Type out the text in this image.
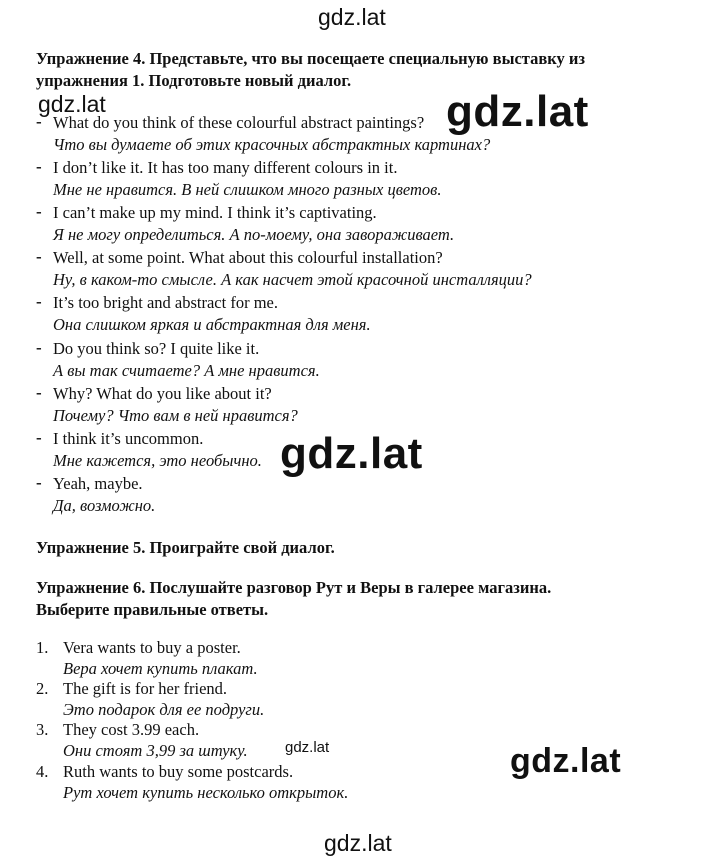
gdz.lat
gdz.lat
gdz.lat
gdz.lat
Упражнение 4. Представьте, что вы посещаете специальную выставку из
упражнения 1. Подготовьте новый диалог.
- What do you think of these colourful abstract paintings?
Что вы думаете об этих красочных абстрактных картинах?
- I don’t like it. It has too many different colours in it.
Мне не нравится. В ней слишком много разных цветов.
- I can’t make up my mind. I think it’s captivating.
Я не могу определиться. А по-моему, она завораживает.
- Well, at some point. What about this colourful installation?
Ну, в каком-то смысле. А как насчет этой красочной инсталляции?
- It’s too bright and abstract for me.
Она слишком яркая и абстрактная для меня.
- Do you think so? I quite like it.
А вы так считаете? А мне нравится.
- Why? What do you like about it?
Почему? Что вам в ней нравится?
- I think it’s uncommon.
Мне кажется, это необычно.
- Yeah, maybe.
Да, возможно.
Упражнение 5. Проиграйте свой диалог.
Упражнение 6. Послушайте разговор Рут и Веры в галерее магазина.
Выберите правильные ответы.
1. Vera wants to buy a poster.
Вера хочет купить плакат.
2. The gift is for her friend.
Это подарок для ее подруги.
3. They cost 3.99 each.
Они стоят 3,99 за штуку.
4. Ruth wants to buy some postcards.
Рут хочет купить несколько открыток.
gdz.lat
gdz.lat
gdz.lat
